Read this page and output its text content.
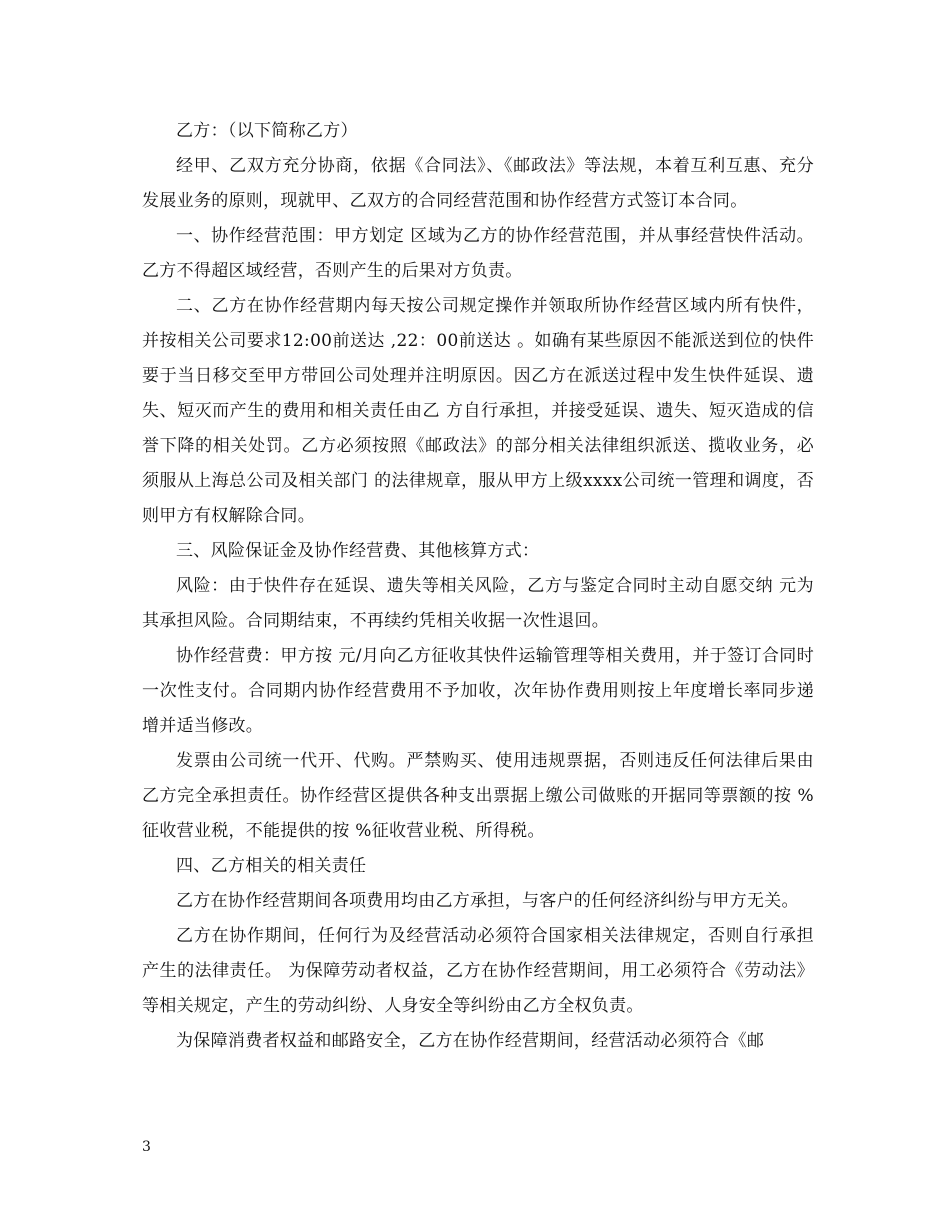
乙方：（以下简称乙方）

经甲、乙双方充分协商，依据《合同法》、《邮政法》等法规，本着互利互惠、充分发展业务的原则，现就甲、乙双方的合同经营范围和协作经营方式签订本合同。

一、协作经营范围：甲方划定 区域为乙方的协作经营范围，并从事经营快件活动。乙方不得超区域经营，否则产生的后果对方负责。

二、乙方在协作经营期内每天按公司规定操作并领取所协作经营区域内所有快件，并按相关公司要求12:00前送达 ,22：00前送达 。如确有某些原因不能派送到位的快件要于当日移交至甲方带回公司处理并注明原因。因乙方在派送过程中发生快件延误、遗失、短灭而产生的费用和相关责任由乙 方自行承担，并接受延误、遗失、短灭造成的信誉下降的相关处罚。乙方必须按照《邮政法》的部分相关法律组织派送、揽收业务，必须服从上海总公司及相关部门 的法律规章，服从甲方上级xxxx公司统一管理和调度，否则甲方有权解除合同。

三、风险保证金及协作经营费、其他核算方式：

风险：由于快件存在延误、遗失等相关风险，乙方与鉴定合同时主动自愿交纳 元为其承担风险。合同期结束，不再续约凭相关收据一次性退回。

协作经营费：甲方按 元/月向乙方征收其快件运输管理等相关费用，并于签订合同时一次性支付。合同期内协作经营费用不予加收，次年协作费用则按上年度增长率同步递增并适当修改。

发票由公司统一代开、代购。严禁购买、使用违规票据，否则违反任何法律后果由乙方完全承担责任。协作经营区提供各种支出票据上缴公司做账的开据同等票额的按 %征收营业税，不能提供的按 %征收营业税、所得税。

四、乙方相关的相关责任

乙方在协作经营期间各项费用均由乙方承担，与客户的任何经济纠纷与甲方无关。

乙方在协作期间，任何行为及经营活动必须符合国家相关法律规定，否则自行承担产生的法律责任。 为保障劳动者权益，乙方在协作经营期间，用工必须符合《劳动法》等相关规定，产生的劳动纠纷、人身安全等纠纷由乙方全权负责。

为保障消费者权益和邮路安全，乙方在协作经营期间，经营活动必须符合《邮

3
